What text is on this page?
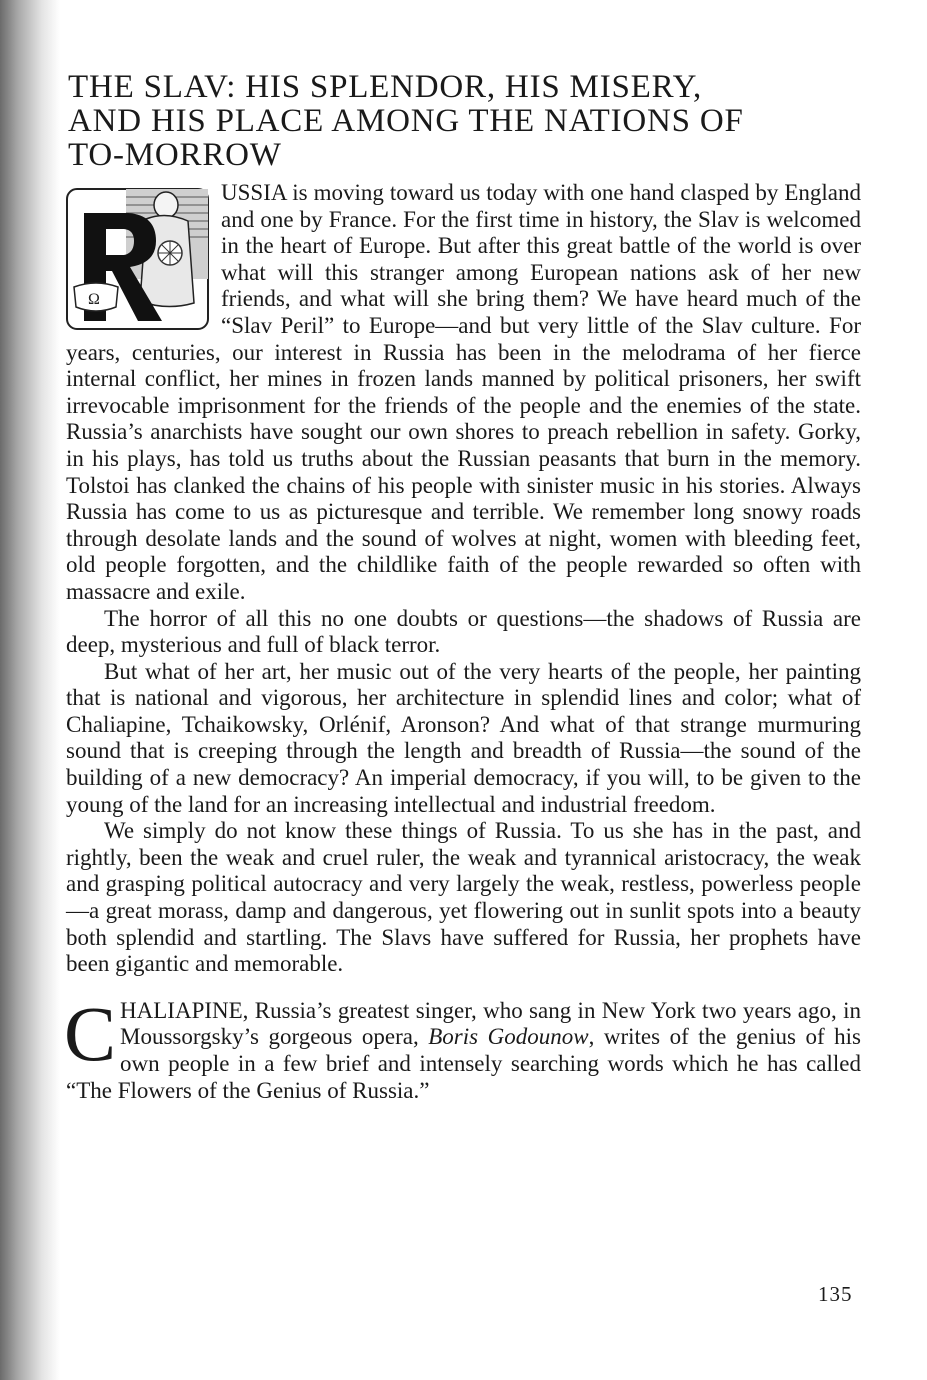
THE SLAV: HIS SPLENDOR, HIS MISERY,
AND HIS PLACE AMONG THE NATIONS OF
TO-MORROW
Ω

USSIA is moving toward us today with one hand clasped by England and one by France. For the first time in history, the Slav is welcomed in the heart of Europe. But after this great battle of the world is over what will this stranger among European nations ask of her new friends, and what will she bring them? We have heard much of the “Slav Peril” to Europe—and but very little of the Slav culture. For years, centuries, our interest in Russia has been in the melodrama of her fierce internal conflict, her mines in frozen lands manned by political prisoners, her swift irrevocable imprisonment for the friends of the people and the enemies of the state. Russia’s anarchists have sought our own shores to preach rebellion in safety. Gorky, in his plays, has told us truths about the Russian peasants that burn in the memory. Tolstoi has clanked the chains of his people with sinister music in his stories. Always Russia has come to us as picturesque and terrible. We remember long snowy roads through desolate lands and the sound of wolves at night, women with bleeding feet, old people forgotten, and the childlike faith of the people rewarded so often with massacre and exile.

The horror of all this no one doubts or questions—the shadows of Russia are deep, mysterious and full of black terror.

But what of her art, her music out of the very hearts of the people, her painting that is national and vigorous, her architecture in splendid lines and color; what of Chaliapine, Tchaikowsky, Orlénif, Aronson? And what of that strange murmuring sound that is creeping through the length and breadth of Russia—the sound of the building of a new democracy? An imperial democracy, if you will, to be given to the young of the land for an increasing intellectual and industrial freedom.

We simply do not know these things of Russia. To us she has in the past, and rightly, been the weak and cruel ruler, the weak and tyrannical aristocracy, the weak and grasping political autocracy and very largely the weak, restless, powerless people—a great morass, damp and dangerous, yet flowering out in sunlit spots into a beauty both splendid and startling. The Slavs have suffered for Russia, her prophets have been gigantic and memorable.

CHALIAPINE, Russia’s greatest singer, who sang in New York two years ago, in Moussorgsky’s gorgeous opera, Boris Godounow, writes of the genius of his own people in a few brief and intensely searching words which he has called “The Flowers of the Genius of Russia.”

135
